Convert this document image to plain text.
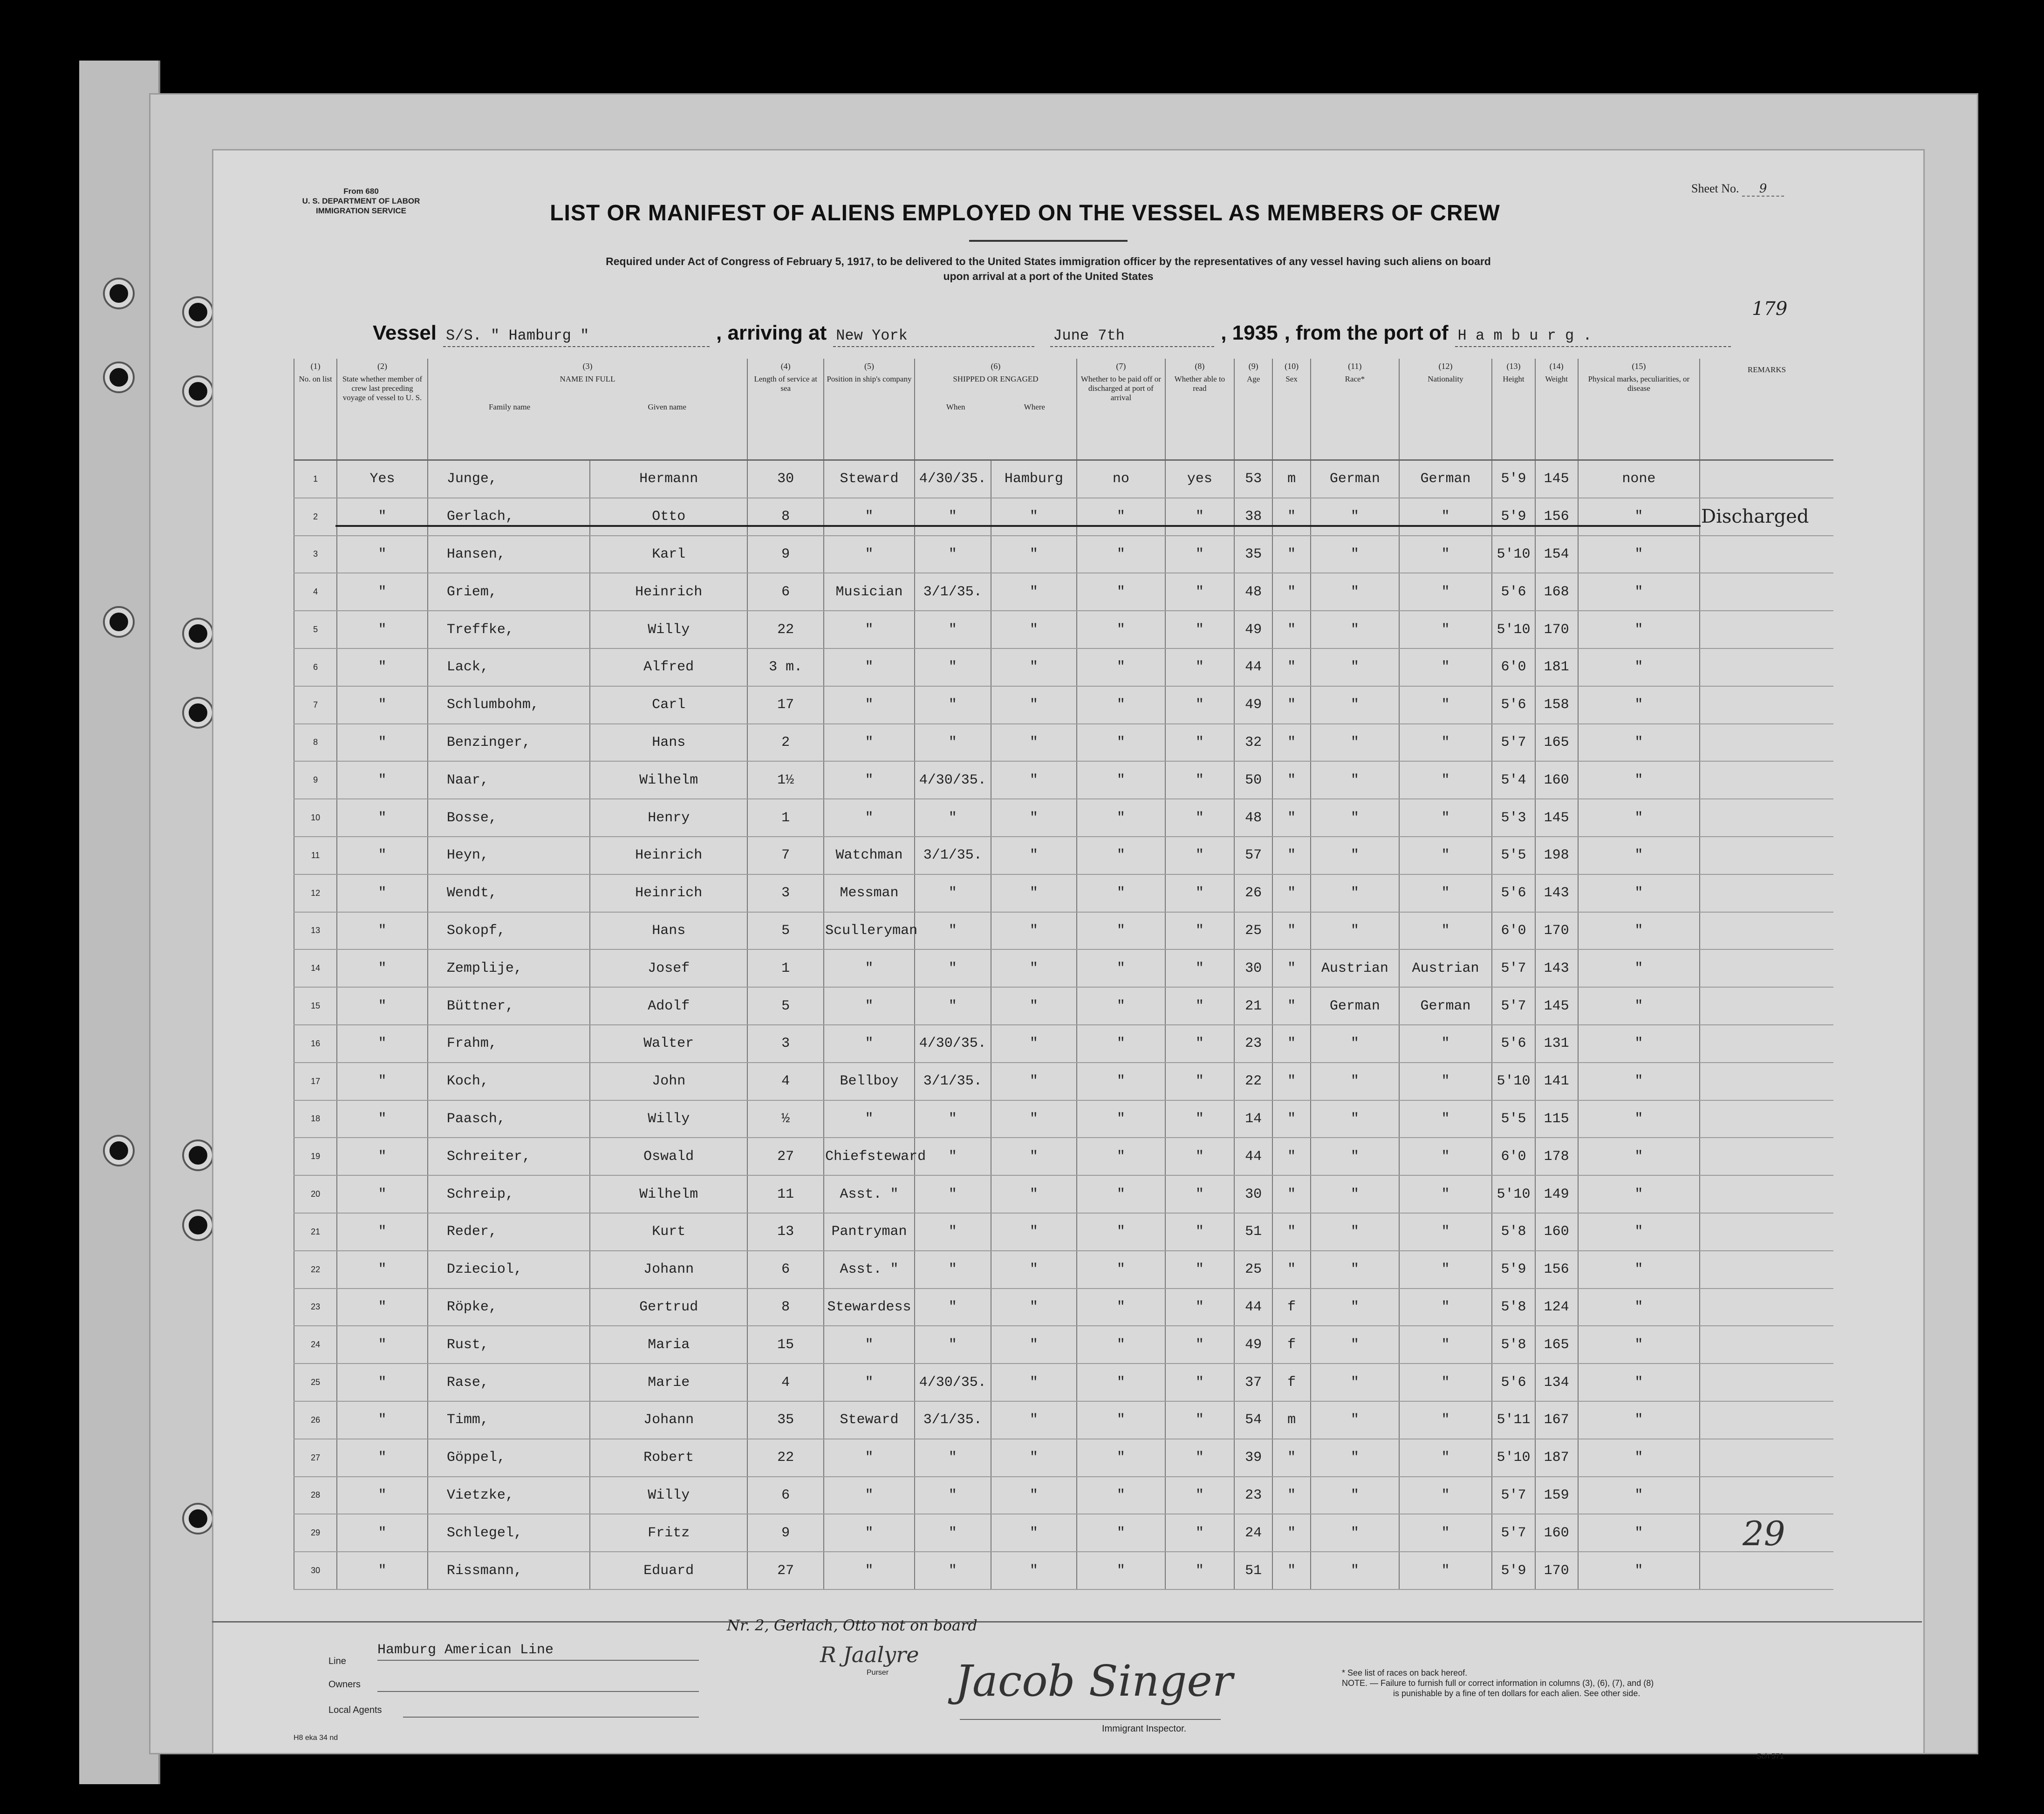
From 680
U. S. DEPARTMENT OF LABOR
IMMIGRATION SERVICE
Sheet No. 9
LIST OR MANIFEST OF ALIENS EMPLOYED ON THE VESSEL AS MEMBERS OF CREW
Required under Act of Congress of February 5, 1917, to be delivered to the United States immigration officer by the representatives of any vessel having such aliens on board
upon arrival at a port of the United States
179
Vessel S/S. " Hamburg "	, arriving at New York	June 7th	, 1935 , from the port of H a m b u r g .
(1)
No. on list	(2)
State whether member of crew last preceding voyage of vessel to U. S.	(3)
NAME IN FULL
Family name Given name		(4)
Length of service at sea	(5)
Position in ship's company	(6)
SHIPPED OR ENGAGED
When Where		(7)
Whether to be paid off or discharged at port of arrival	(8)
Whether able to read	(9)
Age	(10)
Sex	(11)
Race*	(12)
Nationality	(13)
Height	(14)
Weight	(15)
Physical marks, peculiarities, or disease	REMARKS
1	Yes	Junge,	Hermann	30	Steward	4/30/35.	Hamburg	no	yes	53	m	German	German	5'9	145	none	
2	"	Gerlach,	Otto	8	"	"	"	"	"	38	"	"	"	5'9	156	"	Discharged
3	"	Hansen,	Karl	9	"	"	"	"	"	35	"	"	"	5'10	154	"	
4	"	Griem,	Heinrich	6	Musician	3/1/35.	"	"	"	48	"	"	"	5'6	168	"	
5	"	Treffke,	Willy	22	"	"	"	"	"	49	"	"	"	5'10	170	"	
6	"	Lack,	Alfred	3 m.	"	"	"	"	"	44	"	"	"	6'0	181	"	
7	"	Schlumbohm,	Carl	17	"	"	"	"	"	49	"	"	"	5'6	158	"	
8	"	Benzinger,	Hans	2	"	"	"	"	"	32	"	"	"	5'7	165	"	
9	"	Naar,	Wilhelm	1½	"	4/30/35.	"	"	"	50	"	"	"	5'4	160	"	
10	"	Bosse,	Henry	1	"	"	"	"	"	48	"	"	"	5'3	145	"	
11	"	Heyn,	Heinrich	7	Watchman	3/1/35.	"	"	"	57	"	"	"	5'5	198	"	
12	"	Wendt,	Heinrich	3	Messman	"	"	"	"	26	"	"	"	5'6	143	"	
13	"	Sokopf,	Hans	5	Sculleryman	"	"	"	"	25	"	"	"	6'0	170	"	
14	"	Zemplije,	Josef	1	"	"	"	"	"	30	"	Austrian	Austrian	5'7	143	"	
15	"	Büttner,	Adolf	5	"	"	"	"	"	21	"	German	German	5'7	145	"	
16	"	Frahm,	Walter	3	"	4/30/35.	"	"	"	23	"	"	"	5'6	131	"	
17	"	Koch,	John	4	Bellboy	3/1/35.	"	"	"	22	"	"	"	5'10	141	"	
18	"	Paasch,	Willy	½	"	"	"	"	"	14	"	"	"	5'5	115	"	
19	"	Schreiter,	Oswald	27	Chiefsteward	"	"	"	"	44	"	"	"	6'0	178	"	
20	"	Schreip,	Wilhelm	11	Asst. "	"	"	"	"	30	"	"	"	5'10	149	"	
21	"	Reder,	Kurt	13	Pantryman	"	"	"	"	51	"	"	"	5'8	160	"	
22	"	Dzieciol,	Johann	6	Asst. "	"	"	"	"	25	"	"	"	5'9	156	"	
23	"	Röpke,	Gertrud	8	Stewardess	"	"	"	"	44	f	"	"	5'8	124	"	
24	"	Rust,	Maria	15	"	"	"	"	"	49	f	"	"	5'8	165	"	
25	"	Rase,	Marie	4	"	4/30/35.	"	"	"	37	f	"	"	5'6	134	"	
26	"	Timm,	Johann	35	Steward	3/1/35.	"	"	"	54	m	"	"	5'11	167	"	
27	"	Göppel,	Robert	22	"	"	"	"	"	39	"	"	"	5'10	187	"	
28	"	Vietzke,	Willy	6	"	"	"	"	"	23	"	"	"	5'7	159	"	
29	"	Schlegel,	Fritz	9	"	"	"	"	"	24	"	"	"	5'7	160	"	
30	"	Rissmann,	Eduard	27	"	"	"	"	"	51	"	"	"	5'9	170	"	
29
Nr. 2, Gerlach, Otto not on board
Line
Hamburg American Line
Owners
Local Agents
R Jaalyre
Purser Jacob Singer
Immigrant Inspector.
* See list of races on back hereof.
NOTE. — Failure to furnish full or correct information in columns (3), (6), (7), and (8)
is punishable by a fine of ten dollars for each alien. See other side.
H8 eka 34 nd
Sch 571
